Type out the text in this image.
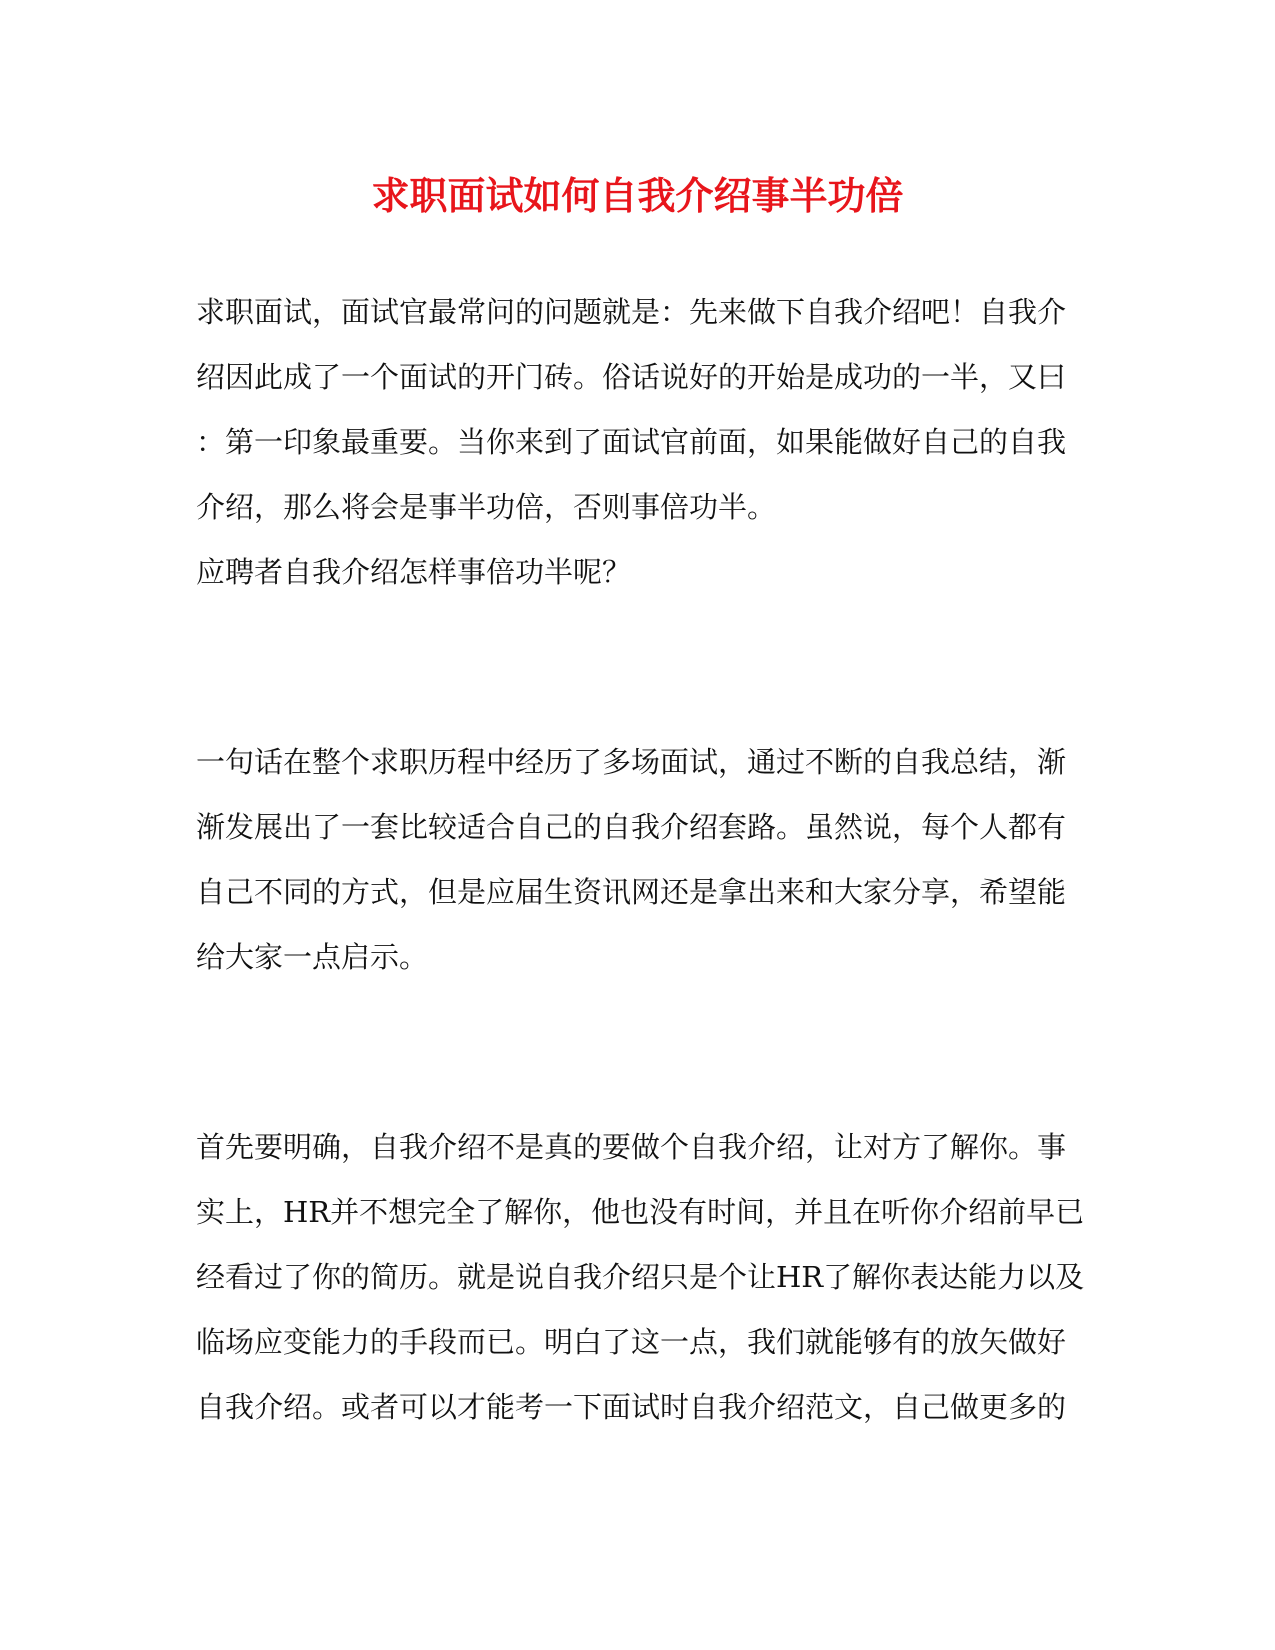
求职面试如何自我介绍事半功倍
求职面试，面试官最常问的问题就是：先来做下自我介绍吧！自我介
绍因此成了一个面试的开门砖。俗话说好的开始是成功的一半，又曰
：第一印象最重要。当你来到了面试官前面，如果能做好自己的自我
介绍，那么将会是事半功倍，否则事倍功半。
应聘者自我介绍怎样事倍功半呢？
一句话在整个求职历程中经历了多场面试，通过不断的自我总结，渐
渐发展出了一套比较适合自己的自我介绍套路。虽然说，每个人都有
自己不同的方式，但是应届生资讯网还是拿出来和大家分享，希望能
给大家一点启示。
首先要明确，自我介绍不是真的要做个自我介绍，让对方了解你。事
实上，HR并不想完全了解你，他也没有时间，并且在听你介绍前早已
经看过了你的简历。就是说自我介绍只是个让HR了解你表达能力以及
临场应变能力的手段而已。明白了这一点，我们就能够有的放矢做好
自我介绍。或者可以才能考一下面试时自我介绍范文，自己做更多的
